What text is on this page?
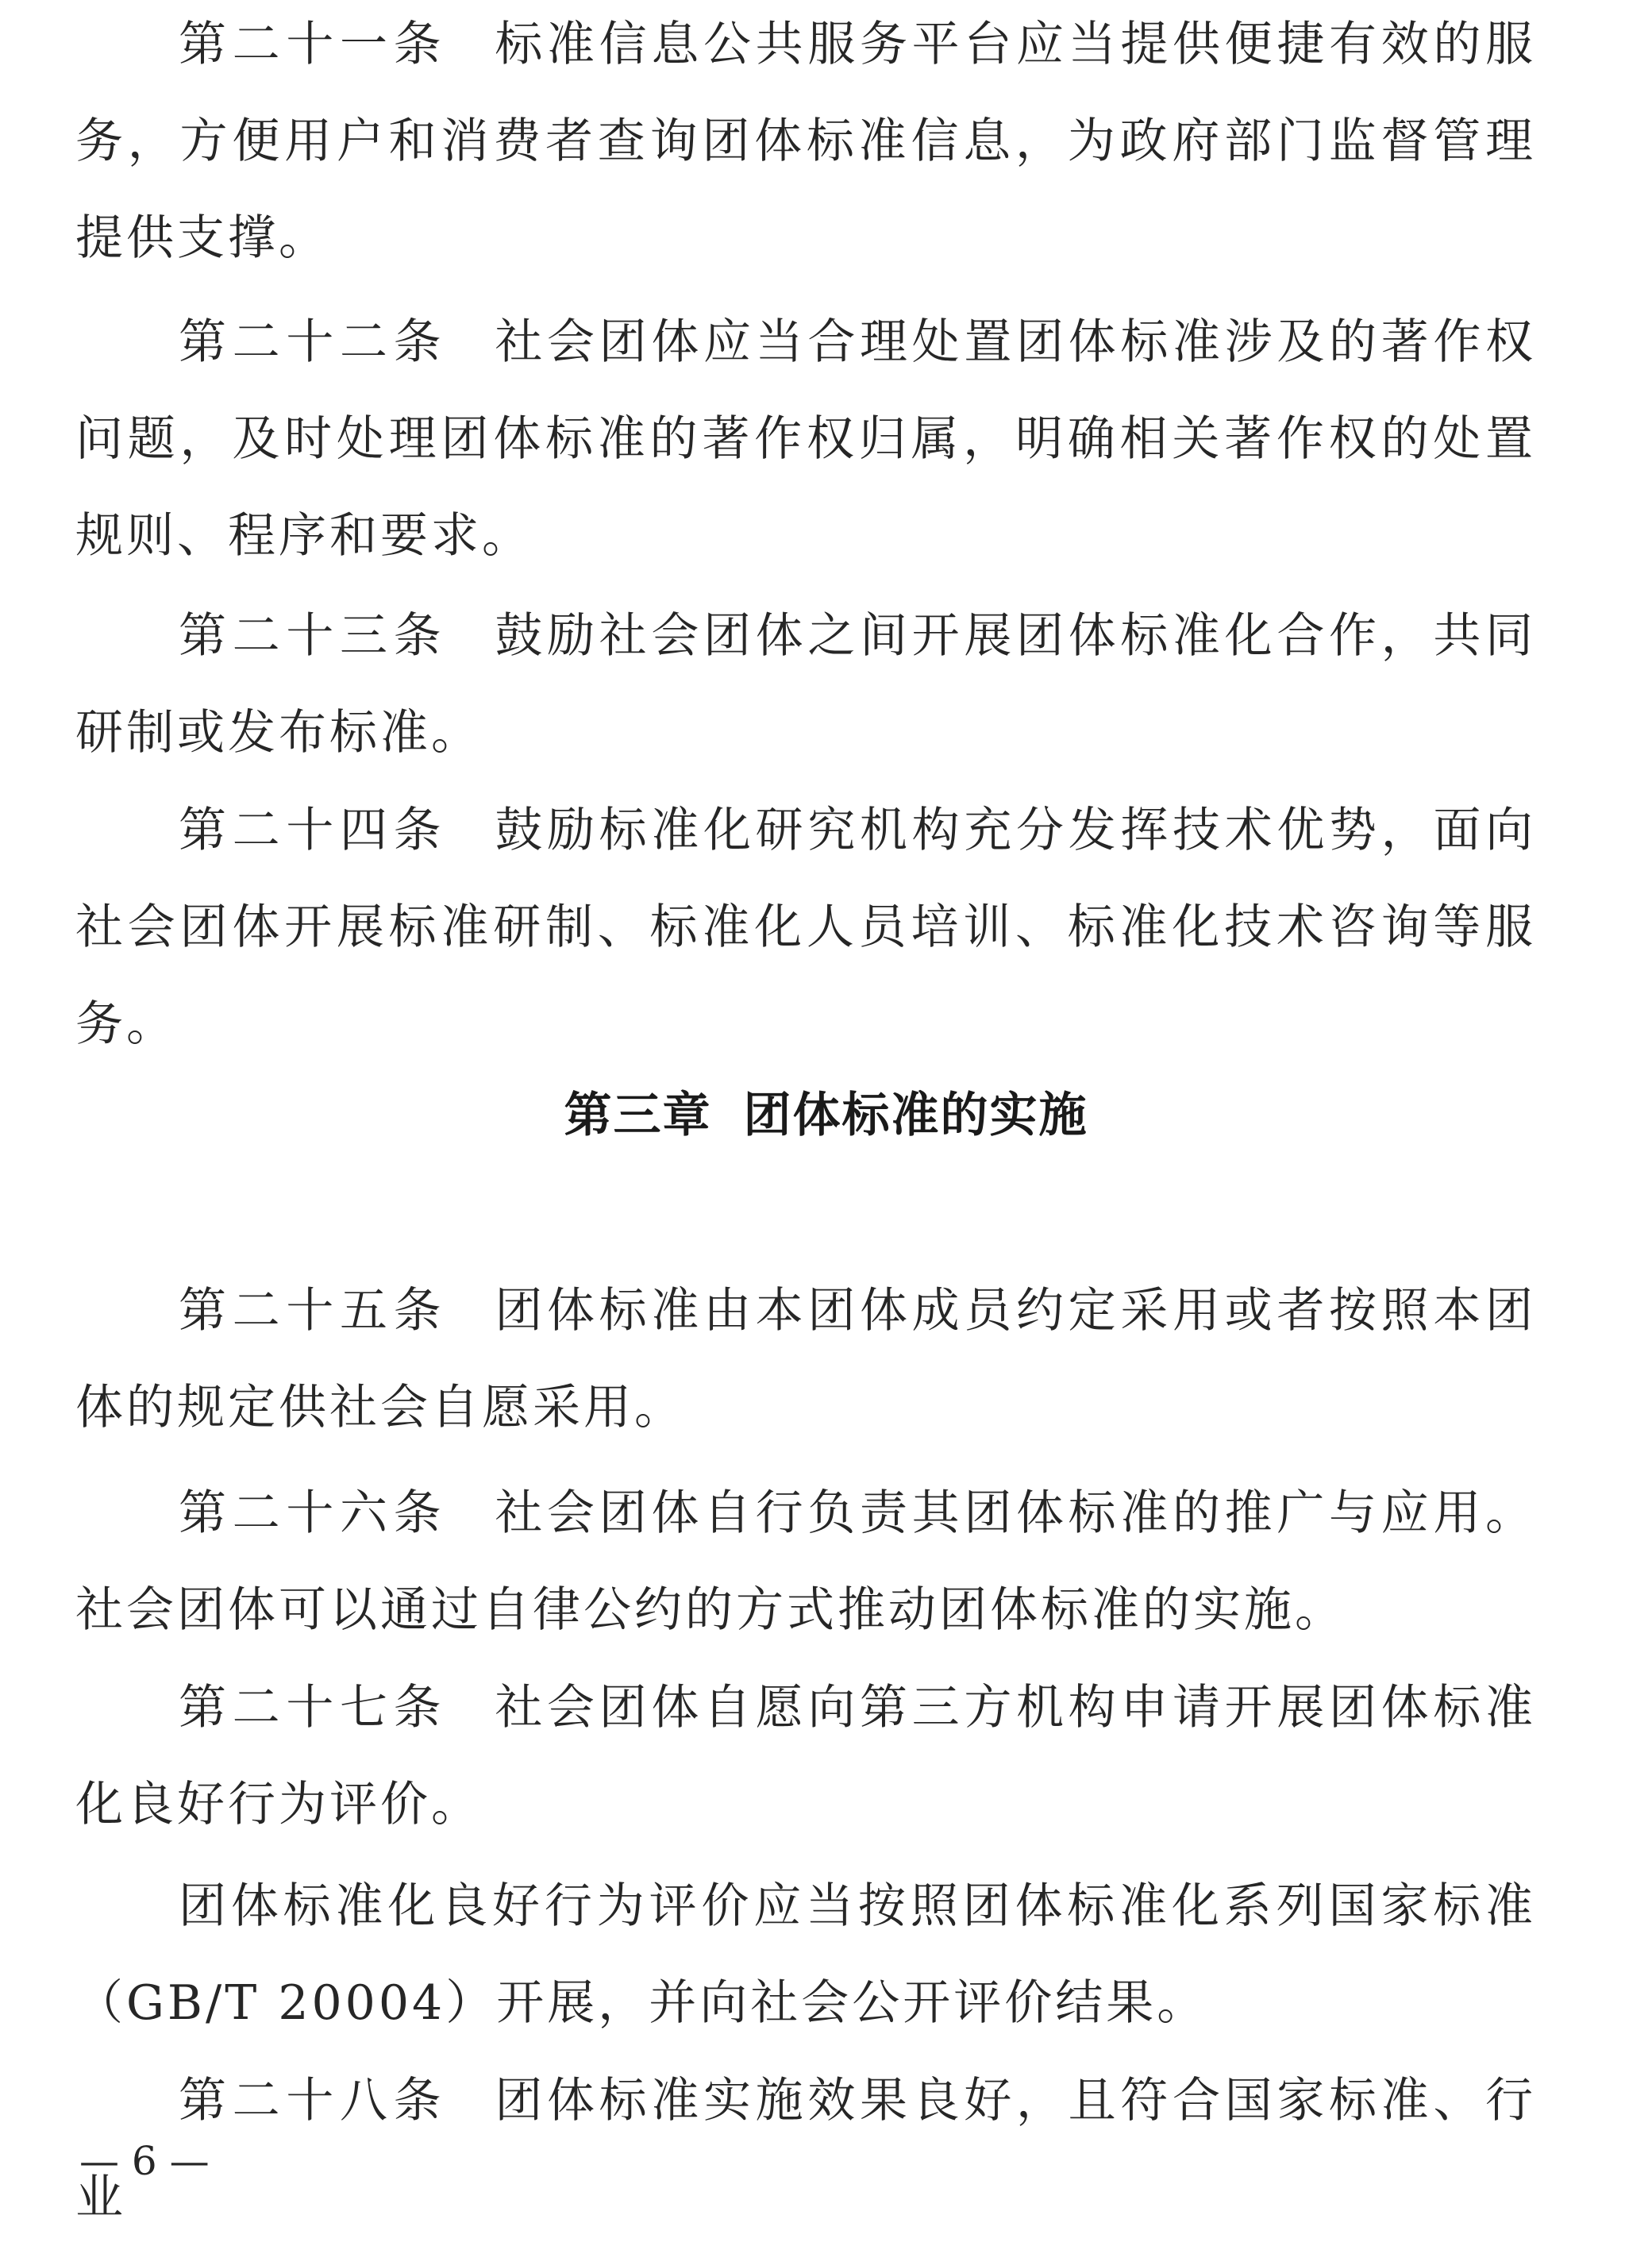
第二十一条 标准信息公共服务平台应当提供便捷有效的服务，方便用户和消费者查询团体标准信息，为政府部门监督管理提供支撑。

第二十二条 社会团体应当合理处置团体标准涉及的著作权问题，及时处理团体标准的著作权归属，明确相关著作权的处置规则、程序和要求。

第二十三条 鼓励社会团体之间开展团体标准化合作，共同研制或发布标准。

第二十四条 鼓励标准化研究机构充分发挥技术优势，面向社会团体开展标准研制、标准化人员培训、标准化技术咨询等服务。

第三章 团体标准的实施

第二十五条 团体标准由本团体成员约定采用或者按照本团体的规定供社会自愿采用。

第二十六条 社会团体自行负责其团体标准的推广与应用。社会团体可以通过自律公约的方式推动团体标准的实施。

第二十七条 社会团体自愿向第三方机构申请开展团体标准化良好行为评价。

团体标准化良好行为评价应当按照团体标准化系列国家标准（GB/T 20004）开展，并向社会公开评价结果。

第二十八条 团体标准实施效果良好，且符合国家标准、行业

— 6 —
